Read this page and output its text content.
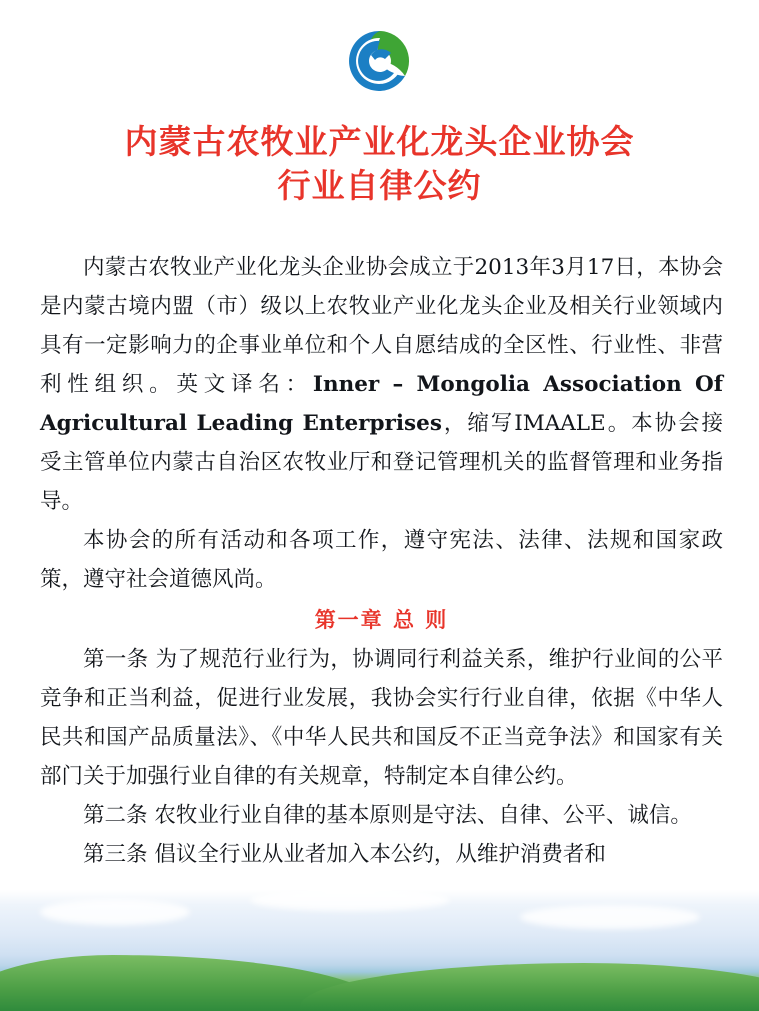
内蒙古农牧业产业化龙头企业协会
行业自律公约

内蒙古农牧业产业化龙头企业协会成立于2013年3月17日，本协会是内蒙古境内盟（市）级以上农牧业产业化龙头企业及相关行业领域内具有一定影响力的企事业单位和个人自愿结成的全区性、行业性、非营利性组织。英文译名：Inner – Mongolia Association Of Agricultural Leading Enterprises，缩写IMAALE。本协会接受主管单位内蒙古自治区农牧业厅和登记管理机关的监督管理和业务指导。

本协会的所有活动和各项工作，遵守宪法、法律、法规和国家政策，遵守社会道德风尚。

第一章 总 则

第一条 为了规范行业行为，协调同行利益关系，维护行业间的公平竞争和正当利益，促进行业发展，我协会实行行业自律，依据《中华人民共和国产品质量法》、《中华人民共和国反不正当竞争法》和国家有关部门关于加强行业自律的有关规章，特制定本自律公约。

第二条 农牧业行业自律的基本原则是守法、自律、公平、诚信。

第三条 倡议全行业从业者加入本公约，从维护消费者和
